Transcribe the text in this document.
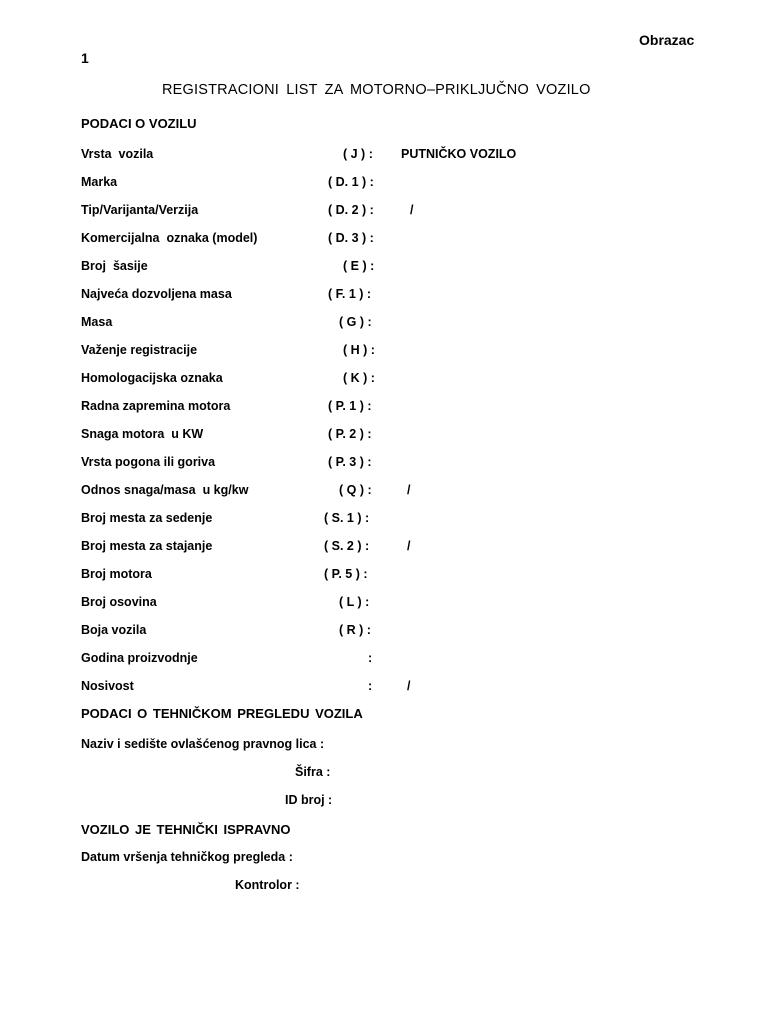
Obrazac
1
REGISTRACIONI LIST ZA MOTORNO–PRIKLJUČNO VOZILO
PODACI O VOZILU
Vrsta  vozila	( J ) : PUTNIČKO VOZILO
Marka	( D. 1 ) :
Tip/Varijanta/Verzija	( D. 2 ) :	/
Komercijalna  oznaka (model)	( D. 3 ) :
Broj  šasije	( E ) :
Najveća dozvoljena masa	( F. 1 ) :
Masa	( G ) :
Važenje registracije	( H ) :
Homologacijska oznaka	( K ) :
Radna zapremina motora	( P. 1 ) :
Snaga motora  u KW	( P. 2 ) :
Vrsta pogona ili goriva	( P. 3 ) :
Odnos snaga/masa  u kg/kw	( Q ) :	/
Broj mesta za sedenje	( S. 1 ) :
Broj mesta za stajanje	( S. 2 ) :	/
Broj motora	( P. 5 ) :
Broj osovina	( L ) :
Boja vozila	( R ) :
Godina proizvodnje	:
Nosivost	:	/
PODACI O TEHNIČKOM PREGLEDU VOZILA
Naziv i sedište ovlašćenog pravnog lica :
Šifra :
ID broj :
VOZILO JE TEHNIČKI ISPRAVNO
Datum vršenja tehničkog pregleda :
Kontrolor :
